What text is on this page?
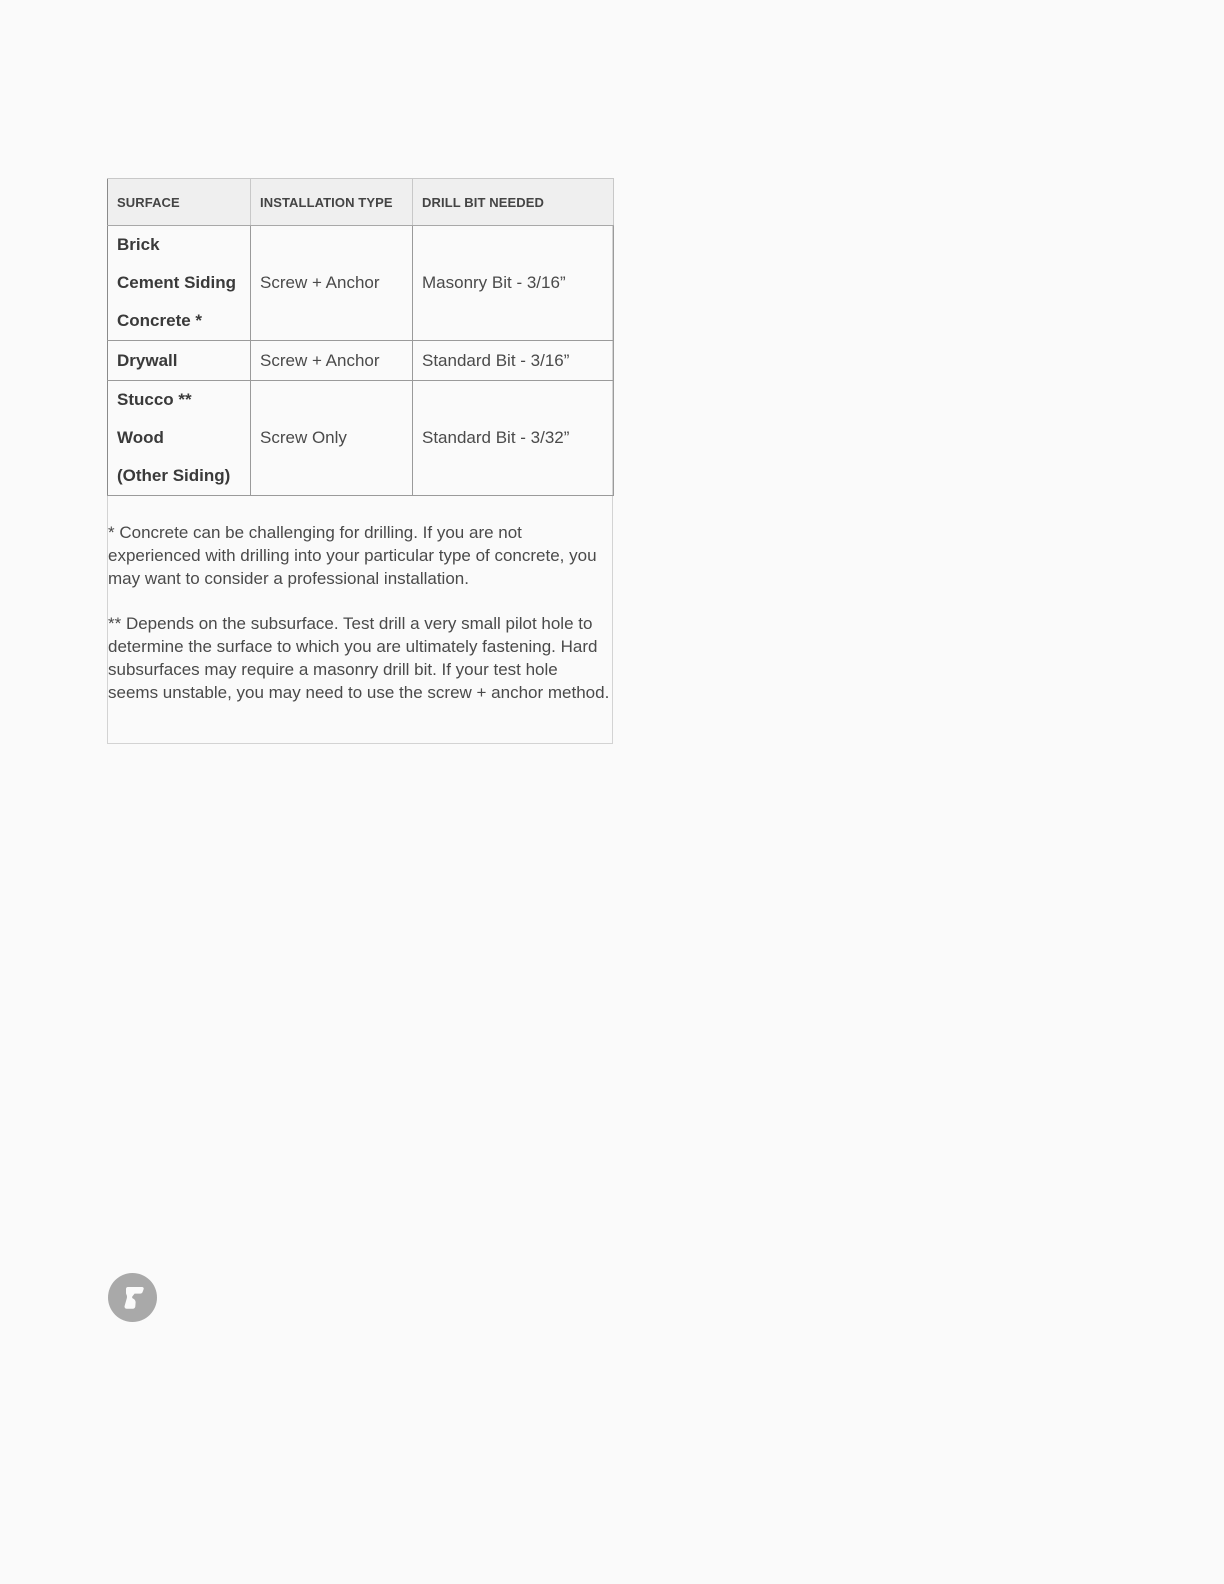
SURFACE	INSTALLATION TYPE	DRILL BIT NEEDED

Brick
Cement Siding
Concrete *	Screw + Anchor	Masonry Bit - 3/16”

Drywall	Screw + Anchor	Standard Bit - 3/16”

Stucco **
Wood
(Other Siding)	Screw Only	Standard Bit - 3/32”

* Concrete can be challenging for drilling. If you are not experienced with drilling into your particular type of concrete, you may want to consider a professional installation.

** Depends on the subsurface. Test drill a very small pilot hole to determine the surface to which you are ultimately fastening. Hard subsurfaces may require a masonry drill bit. If your test hole seems unstable, you may need to use the screw + anchor method.
